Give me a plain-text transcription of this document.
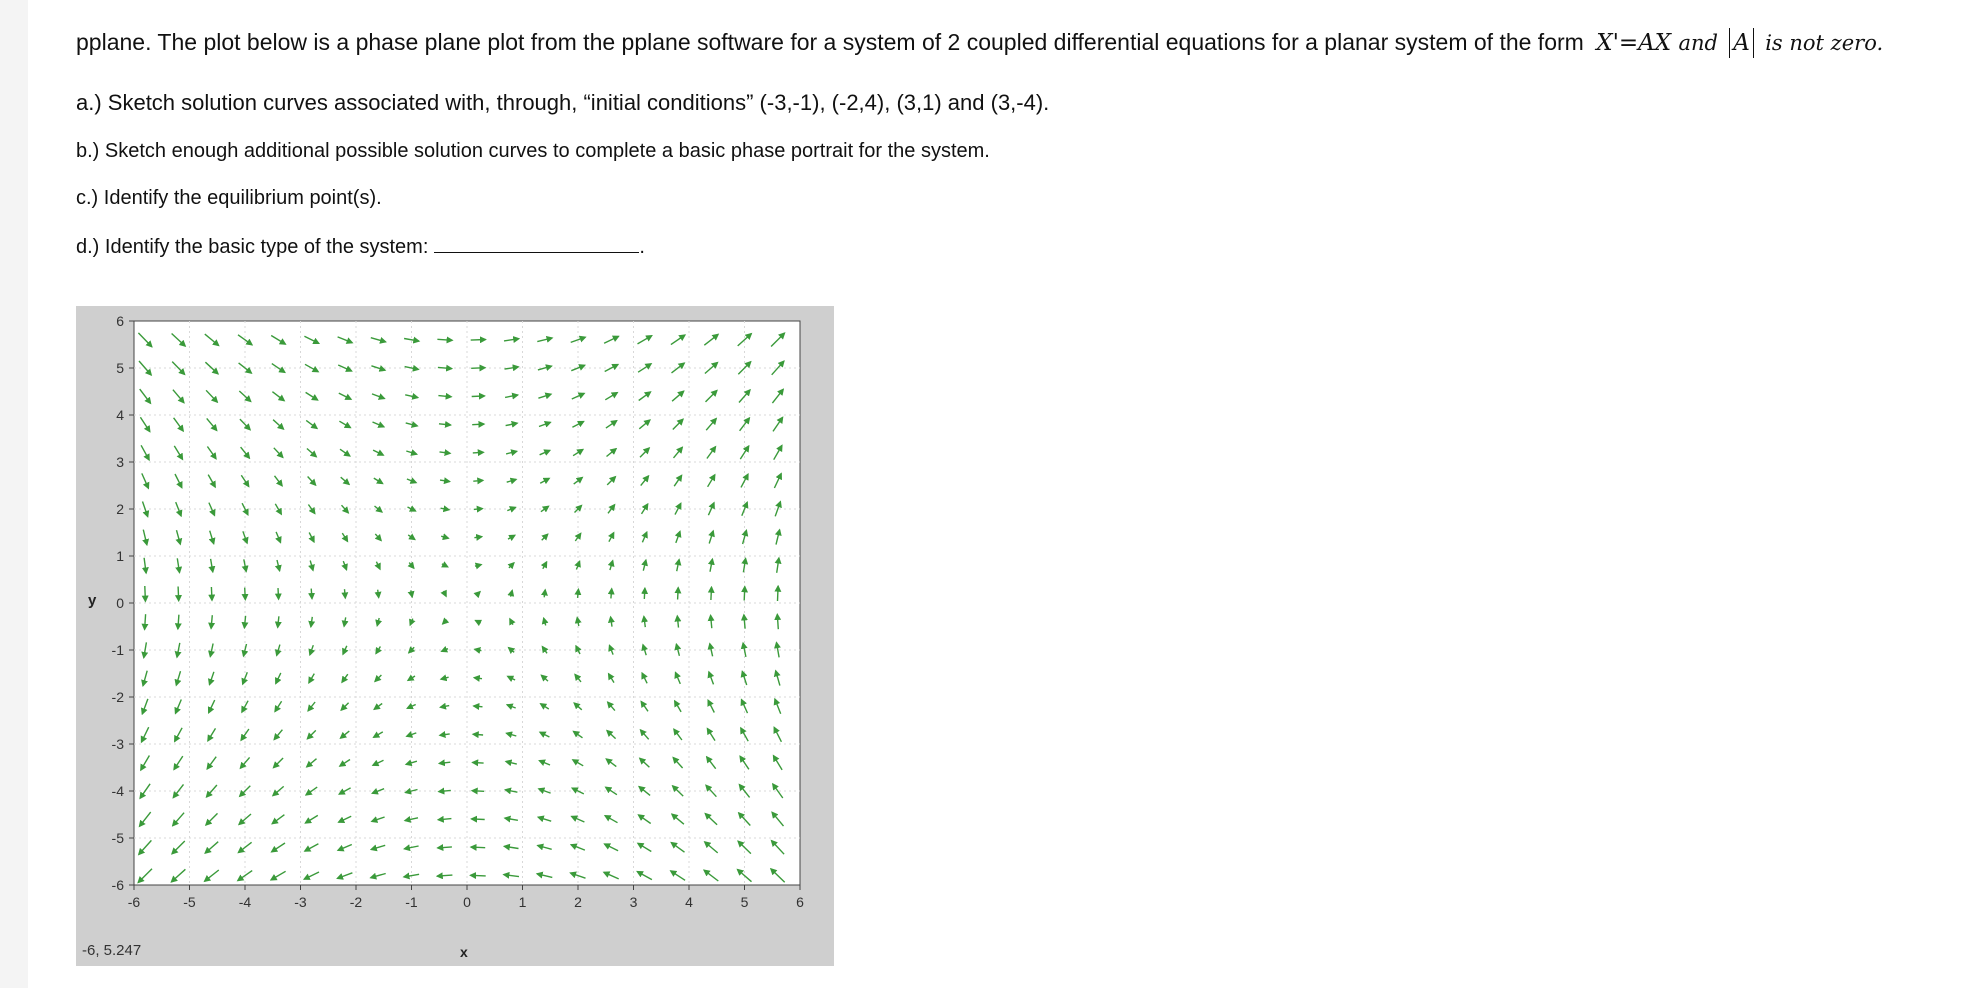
pplane. The plot below is a phase plane plot from the pplane software for a system of 2 coupled differential equations for a planar system of the form X'=AX and A is not zero.
a.) Sketch solution curves associated with, through, “initial conditions” (-3,-1), (-2,4), (3,1) and (3,-4).
b.) Sketch enough additional possible solution curves to complete a basic phase portrait for the system.
c.) Identify the equilibrium point(s).
d.) Identify the basic type of the system:	.
-6	-5	-4	-3	-2	-1	0	1	2	3	4	5	6
6
5
4
3
2
1
0
-1
-2
-3
-4
-5
-6
y
x
-6, 5.247
